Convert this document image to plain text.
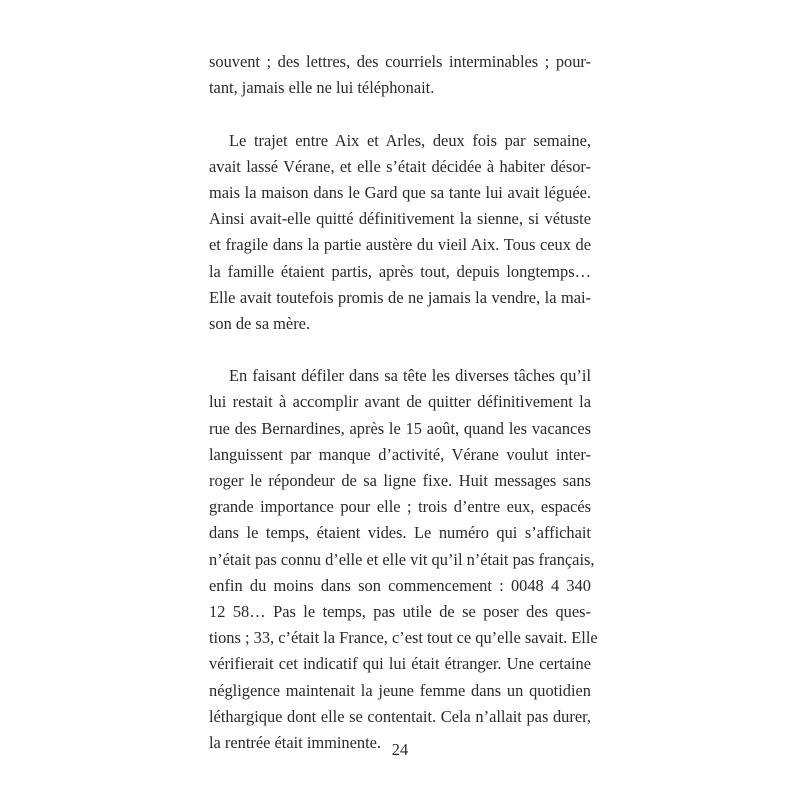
souvent ; des lettres, des courriels interminables ; pour-
tant, jamais elle ne lui téléphonait.
Le trajet entre Aix et Arles, deux fois par semaine,
avait lassé Vérane, et elle s’était décidée à habiter désor-
mais la maison dans le Gard que sa tante lui avait léguée.
Ainsi avait-elle quitté définitivement la sienne, si vétuste
et fragile dans la partie austère du vieil Aix. Tous ceux de
la famille étaient partis, après tout, depuis longtemps…
Elle avait toutefois promis de ne jamais la vendre, la mai-
son de sa mère.
En faisant défiler dans sa tête les diverses tâches qu’il
lui restait à accomplir avant de quitter définitivement la
rue des Bernardines, après le 15 août, quand les vacances
languissent par manque d’activité, Vérane voulut inter-
roger le répondeur de sa ligne fixe. Huit messages sans
grande importance pour elle ; trois d’entre eux, espacés
dans le temps, étaient vides. Le numéro qui s’affichait
n’était pas connu d’elle et elle vit qu’il n’était pas français,
enfin du moins dans son commencement : 0048 4 340
12 58… Pas le temps, pas utile de se poser des ques-
tions ; 33, c’était la France, c’est tout ce qu’elle savait. Elle
vérifierait cet indicatif qui lui était étranger. Une certaine
négligence maintenait la jeune femme dans un quotidien
léthargique dont elle se contentait. Cela n’allait pas durer,
la rentrée était imminente. 24
